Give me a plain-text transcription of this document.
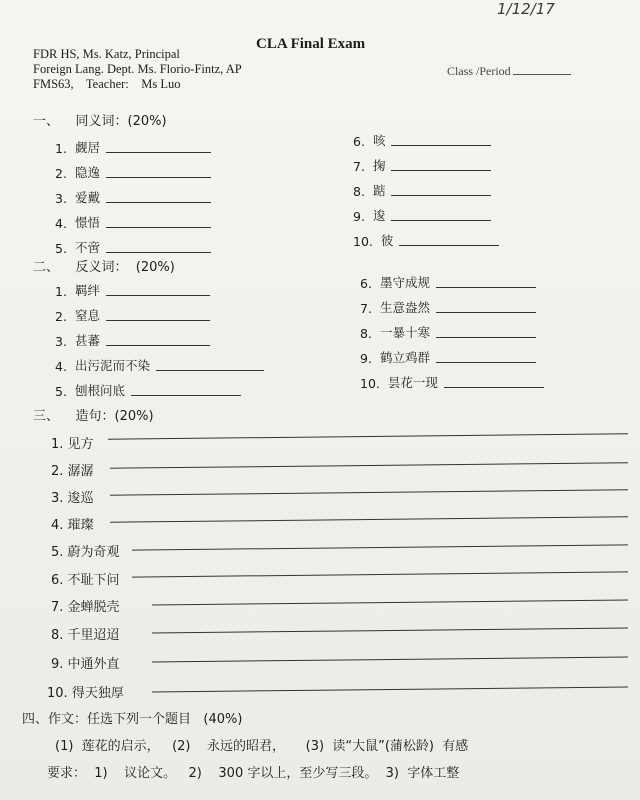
1/12/17
FDR HS, Ms. Katz, Principal
Foreign Lang. Dept. Ms. Florio-Fintz, AP
FMS63,    Teacher:    Ms Luo
CLA Final Exam
Class /Period
一、    同义词：(20%)
1. 觑居
2. 隐逸
3. 爱戴
4. 憬悟
5. 不啻
6. 咳
7. 掬
8. 踮
9. 逡
10. 彼
二、    反义词：  (20%)
1. 羁绊
2. 窒息
3. 甚蕃
4. 出污泥而不染
5. 刨根问底
6. 墨守成规
7. 生意盎然
8. 一暴十寒
9. 鹤立鸡群
10. 昙花一现
三、    造句：(20%)
1. 见方
2. 潺潺
3. 逡巡
4. 璀璨
5. 蔚为奇观
6. 不耻下问
7. 金蝉脱壳
8. 千里迢迢
9. 中通外直
10. 得天独厚
四、作文：任选下列一个题目   (40%)
(1)  莲花的启示，   (2)    永远的昭君，     (3)  读“大鼠”(蒲松龄)  有感
要求：  1)    议论文。   2)    300 字以上，至少写三段。  3)  字体工整
